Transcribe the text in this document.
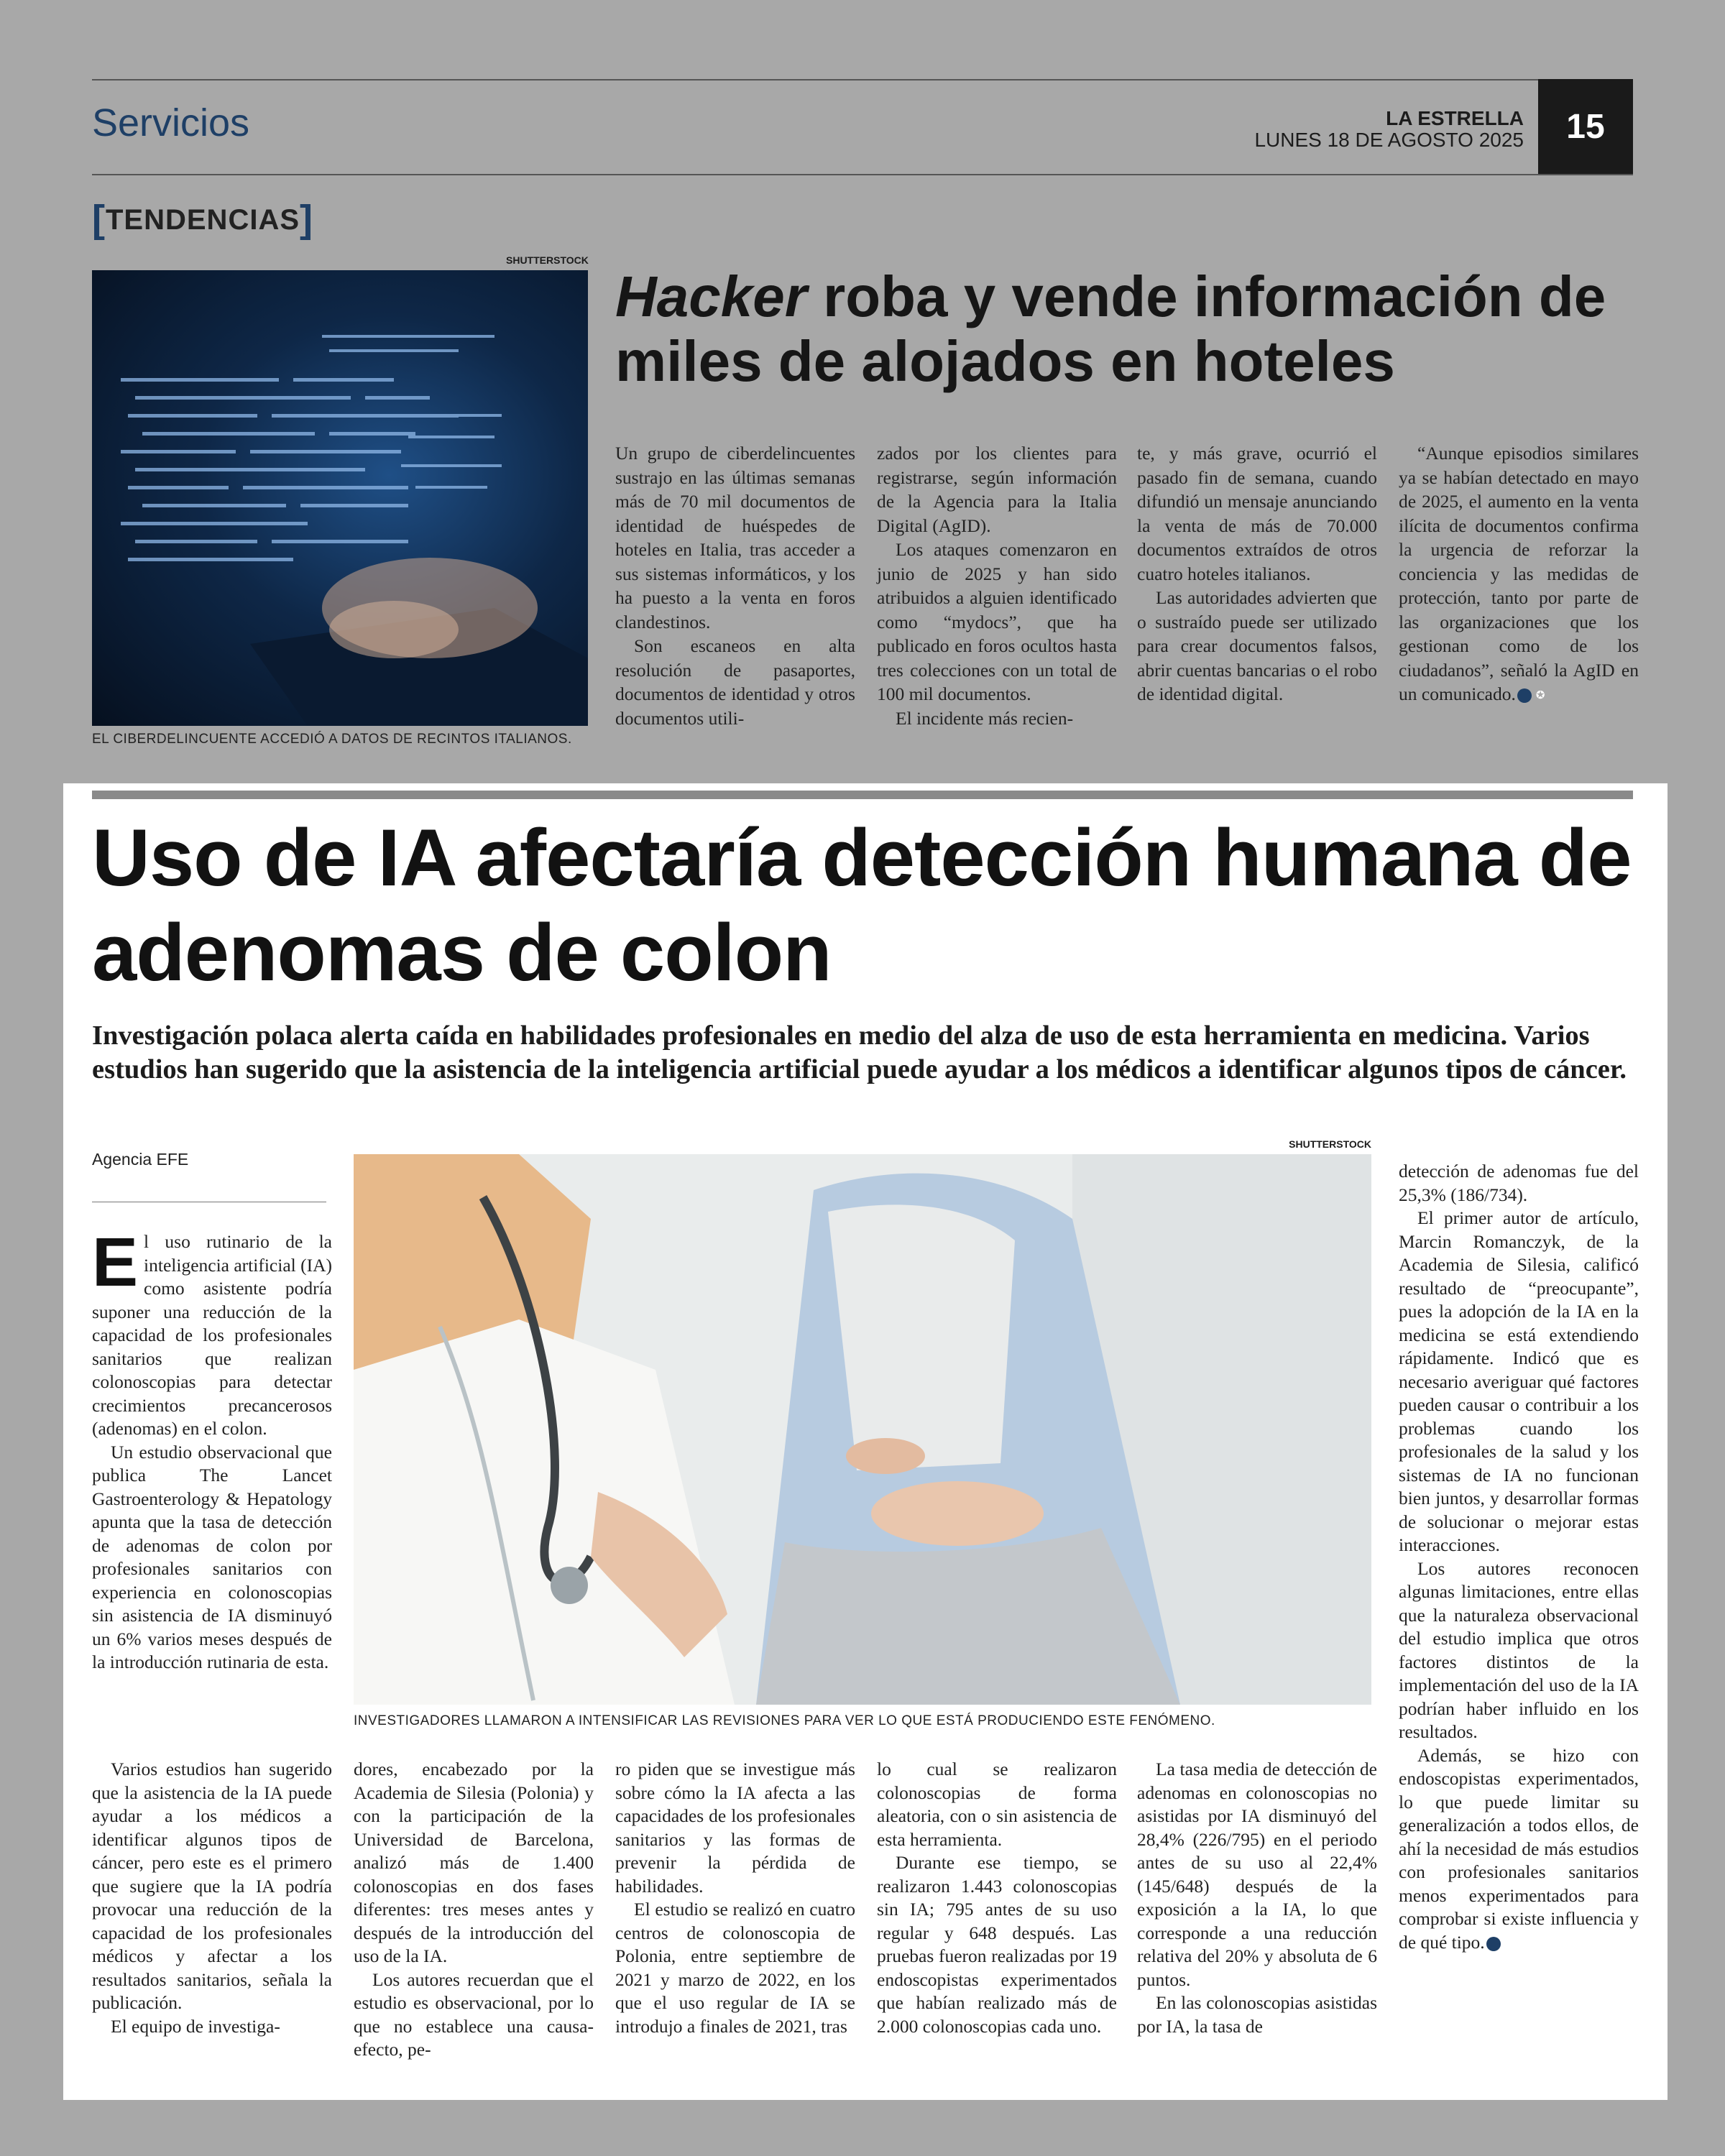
Servicios	LA ESTRELLA
LUNES 18 DE AGOSTO 2025	15
[TENDENCIAS]
SHUTTERSTOCK
EL CIBERDELINCUENTE ACCEDIÓ A DATOS DE RECINTOS ITALIANOS.
Hacker roba y vende información de miles de alojados en hoteles

Un grupo de ciberdelincuentes sustrajo en las últimas semanas más de 70 mil documentos de identidad de huéspedes de hoteles en Italia, tras acceder a sus sistemas informáticos, y los ha puesto a la venta en foros clandestinos.

Son escaneos en alta resolución de pasaportes, documentos de identidad y otros documentos utili-

zados por los clientes para registrarse, según información de la Agencia para la Italia Digital (AgID).

Los ataques comenzaron en junio de 2025 y han sido atribuidos a alguien identificado como “mydocs”, que ha publicado en foros ocultos hasta tres colecciones con un total de 100 mil documentos.

El incidente más recien-

te, y más grave, ocurrió el pasado fin de semana, cuando difundió un mensaje anunciando la venta de más de 70.000 documentos extraídos de otros cuatro hoteles italianos.

Las autoridades advierten que o sustraído puede ser utilizado para crear documentos falsos, abrir cuentas bancarias o el robo de identidad digital.

“Aunque episodios similares ya se habían detectado en mayo de 2025, el aumento en la venta ilícita de documentos confirma la urgencia de reforzar la conciencia y las medidas de protección, tanto por parte de las organizaciones que los gestionan como de los ciudadanos”, señaló la AgID en un comunicado. ✪

Uso de IA afectaría detección humana de adenomas de colon
Investigación polaca alerta caída en habilidades profesionales en medio del alza de uso de esta herramienta en medicina. Varios estudios han sugerido que la asistencia de la inteligencia artificial puede ayudar a los médicos a identificar algunos tipos de cáncer.
Agencia EFE
SHUTTERSTOCK
INVESTIGADORES LLAMARON A INTENSIFICAR LAS REVISIONES PARA VER LO QUE ESTÁ PRODUCIENDO ESTE FENÓMENO.

El uso rutinario de la inteligencia artificial (IA) como asistente podría suponer una reducción de la capacidad de los profesionales sanitarios que realizan colonoscopias para detectar crecimientos precancerosos (adenomas) en el colon.

Un estudio observacional que publica The Lancet Gastroenterology & Hepatology apunta que la tasa de detección de adenomas de colon por profesionales sanitarios con experiencia en colonoscopias sin asistencia de IA disminuyó un 6% varios meses después de la introducción rutinaria de esta.

Varios estudios han sugerido que la asistencia de la IA puede ayudar a los médicos a identificar algunos tipos de cáncer, pero este es el primero que sugiere que la IA podría provocar una reducción de la capacidad de los profesionales médicos y afectar a los resultados sanitarios, señala la publicación.

El equipo de investiga-

dores, encabezado por la Academia de Silesia (Polonia) y con la participación de la Universidad de Barcelona, analizó más de 1.400 colonoscopias en dos fases diferentes: tres meses antes y después de la introducción del uso de la IA.

Los autores recuerdan que el estudio es observacional, por lo que no establece una causa-efecto, pe-

ro piden que se investigue más sobre cómo la IA afecta a las capacidades de los profesionales sanitarios y las formas de prevenir la pérdida de habilidades.

El estudio se realizó en cuatro centros de colonoscopia de Polonia, entre septiembre de 2021 y marzo de 2022, en los que el uso regular de IA se introdujo a finales de 2021, tras

lo cual se realizaron colonoscopias de forma aleatoria, con o sin asistencia de esta herramienta.

Durante ese tiempo, se realizaron 1.443 colonoscopias sin IA; 795 antes de su uso regular y 648 después. Las pruebas fueron realizadas por 19 endoscopistas experimentados que habían realizado más de 2.000 colonoscopias cada uno.

La tasa media de detección de adenomas en colonoscopias no asistidas por IA disminuyó del 28,4% (226/795) en el periodo antes de su uso al 22,4% (145/648) después de la exposición a la IA, lo que corresponde a una reducción relativa del 20% y absoluta de 6 puntos.

En las colonoscopias asistidas por IA, la tasa de

detección de adenomas fue del 25,3% (186/734).

El primer autor de artículo, Marcin Romanczyk, de la Academia de Silesia, calificó resultado de “preocupante”, pues la adopción de la IA en la medicina se está extendiendo rápidamente. Indicó que es necesario averiguar qué factores pueden causar o contribuir a los problemas cuando los profesionales de la salud y los sistemas de IA no funcionan bien juntos, y desarrollar formas de solucionar o mejorar estas interacciones.

Los autores reconocen algunas limitaciones, entre ellas que la naturaleza observacional del estudio implica que otros factores distintos de la implementación del uso de la IA podrían haber influido en los resultados.

Además, se hizo con endoscopistas experimentados, lo que puede limitar su generalización a todos ellos, de ahí la necesidad de más estudios con profesionales sanitarios menos experimentados para comprobar si existe influencia y de qué tipo. ✪
